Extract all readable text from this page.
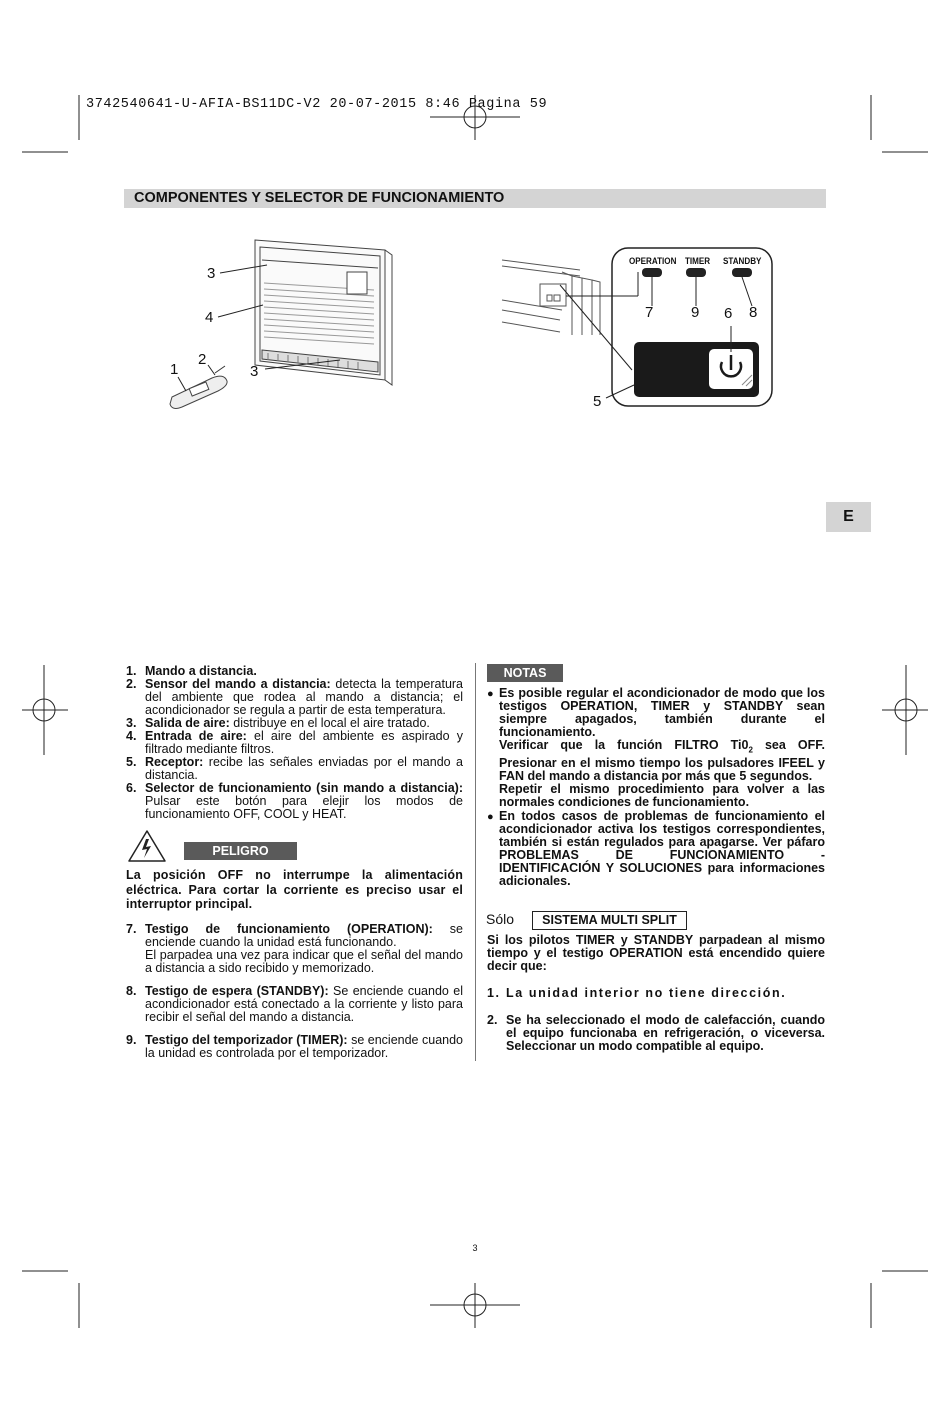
3742540641-U-AFIA-BS11DC-V2 20-07-2015 8:46 Pagina 59
COMPONENTES Y SELECTOR DE FUNCIONAMIENTO
E
3
4
2
1	3
OPERATION TIMER STANDBY
7	9 6 8
5
1. Mando a distancia.
2. Sensor del mando a distancia: detecta la temperatura del ambiente que rodea al mando a distancia; el acondicionador se regula a partir de esta temperatura.
3. Salida de aire: distribuye en el local el aire tratado.
4. Entrada de aire: el aire del ambiente es aspirado y filtrado mediante filtros.
5. Receptor: recibe las señales enviadas por el mando a distancia.
6. Selector de funcionamiento (sin mando a distancia): Pulsar este botón para elejir los modos de funcionamiento OFF, COOL y HEAT.
PELIGRO
La posición OFF no interrumpe la alimentación eléctrica. Para cortar la corriente es preciso usar el interruptor principal.
7. Testigo de funcionamiento (OPERATION): se enciende cuando la unidad está funcionando.
El parpadea una vez para indicar que el señal del mando a distancia a sido recibido y memorizado.
8. Testigo de espera (STANDBY): Se enciende cuando el acondicionador está conectado a la corriente y listo para recibir el señal del mando a distancia.
9. Testigo del temporizador (TIMER): se enciende cuando la unidad es controlada por el temporizador.
NOTAS
● Es posible regular el acondicionador de modo que los testigos OPERATION, TIMER y STANDBY sean siempre apagados, también durante el funcionamiento.

Verificar que la función FILTRO $Ti0_2$ sea OFF. Presionar en el mismo tiempo los pulsadores IFEEL y FAN del mando a distancia por más que 5 segundos.

Repetir el mismo procedimiento para volver a las normales condiciones de funcionamiento.

● En todos casos de problemas de funcionamiento el acondicionador activa los testigos correspondientes, también si están regulados para apagarse. Ver páfaro PROBLEMAS DE FUNCIONAMIENTO - IDENTIFICACIÓN Y SOLUCIONES para informaciones adicionales.

Sólo	SISTEMA MULTI SPLIT
Si los pilotos TIMER y STANDBY parpadean al mismo tiempo y el testigo OPERATION está encendido quiere decir que:
1. La unidad interior no tiene dirección.
2. Se ha seleccionado el modo de calefacción, cuando el equipo funcionaba en refrigeración, o viceversa. Seleccionar un modo compatible al equipo.
3
